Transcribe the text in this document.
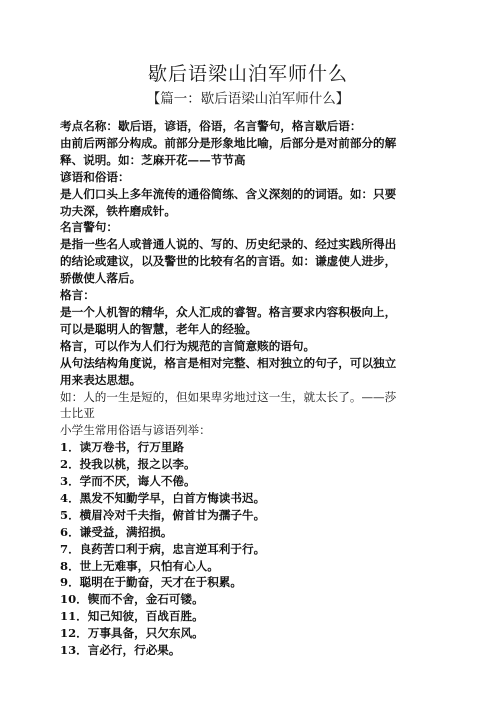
歇后语梁山泊军师什么
【篇一：歇后语梁山泊军师什么】
考点名称：歇后语，谚语，俗语，名言警句，格言歇后语：
由前后两部分构成。前部分是形象地比喻，后部分是对前部分的解
释、说明。如：芝麻开花——节节高
谚语和俗语：
是人们口头上多年流传的通俗简练、含义深刻的的词语。如：只要
功夫深，铁杵磨成针。
名言警句：
是指一些名人或普通人说的、写的、历史纪录的、经过实践所得出
的结论或建议，以及警世的比较有名的言语。如：谦虚使人进步，
骄傲使人落后。
格言：
是一个人机智的精华，众人汇成的睿智。格言要求内容积极向上，
可以是聪明人的智慧，老年人的经验。
格言，可以作为人们行为规范的言简意赅的语句。
从句法结构角度说，格言是相对完整、相对独立的句子，可以独立
用来表达思想。
如：人的一生是短的，但如果卑劣地过这一生，就太长了。——莎
士比亚
小学生常用俗语与谚语列举：
1．读万卷书，行万里路
2．投我以桃，报之以李。
3．学而不厌，诲人不倦。
4．黑发不知勤学早，白首方悔读书迟。
5．横眉冷对千夫指，俯首甘为孺子牛。
6．谦受益，满招损。
7．良药苦口利于病，忠言逆耳利于行。
8．世上无难事，只怕有心人。
9．聪明在于勤奋，天才在于积累。
10．锲而不舍，金石可镂。
11．知己知彼，百战百胜。
12．万事具备，只欠东风。
13．言必行，行必果。
